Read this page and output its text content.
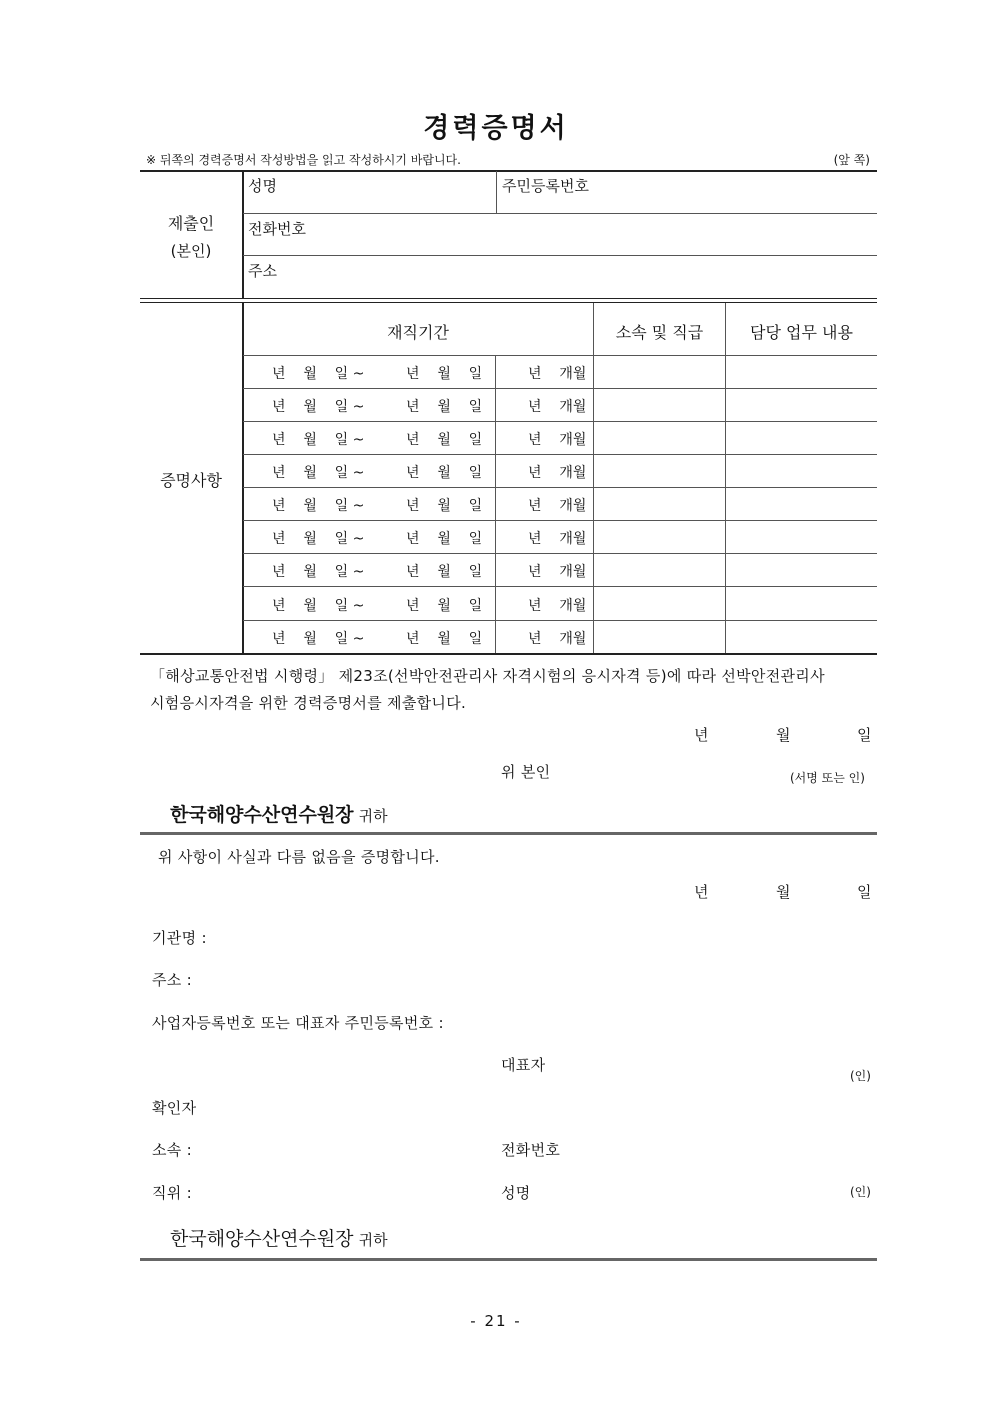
경력증명서
※ 뒤쪽의 경력증명서 작성방법을 읽고 작성하시기 바랍니다.	(앞 쪽)
제출인
(본인)
성명	주민등록번호
전화번호
주소
재직기간	소속 및 직급	담당 업무 내용
증명사항
년    월    일 ~	년    월    일	년    개월
년    월    일 ~	년    월    일	년    개월
년    월    일 ~	년    월    일	년    개월
년    월    일 ~	년    월    일	년    개월
년    월    일 ~	년    월    일	년    개월
년    월    일 ~	년    월    일	년    개월
년    월    일 ~	년    월    일	년    개월
년    월    일 ~	년    월    일	년    개월
년    월    일 ~	년    월    일	년    개월
「해상교통안전법 시행령」 제23조(선박안전관리사 자격시험의 응시자격 등)에 따라 선박안전관리사
시험응시자격을 위한 경력증명서를 제출합니다.
년	월	일
위 본인	(서명 또는 인)
한국해양수산연수원장 귀하
위 사항이 사실과 다름 없음을 증명합니다.
년	월	일
기관명 :
주소 :
사업자등록번호 또는 대표자 주민등록번호 :
대표자
(인)
확인자
소속 :	전화번호
직위 :	성명	(인)
한국해양수산연수원장 귀하
- 21 -
